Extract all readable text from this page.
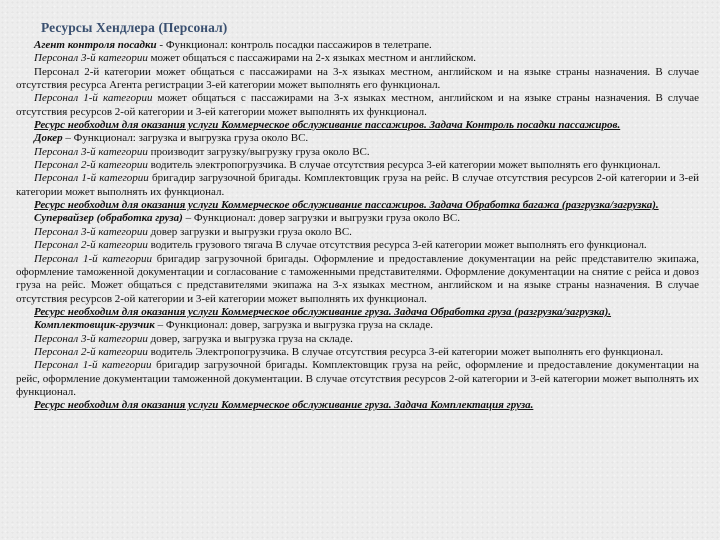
Ресурсы Хендлера (Персонал)

Агент контроля посадки - Функционал: контроль посадки пассажиров в телетрапе.

Персонал 3-й категории может общаться с пассажирами на 2-х языках местном и английском.

Персонал 2-й категории может общаться с пассажирами на 3-х языках местном, английском и на языке страны назначения. В случае отсутствия ресурса Агента регистрации 3-ей категории может выполнять его функционал.

Персонал 1-й категории может общаться с пассажирами на 3-х языках местном, английском и на языке страны назначения. В случае отсутствия ресурсов 2-ой категории и 3-ей категории может выполнять их функционал.

Ресурс необходим для оказания услуги Коммерческое обслуживание пассажиров. Задача Контроль посадки пассажиров.

Докер – Функционал: загрузка и выгрузка груза около ВС.

Персонал 3-й категории производит загрузку/выгрузку груза около ВС.

Персонал 2-й категории водитель электропогрузчика. В случае отсутствия ресурса 3-ей категории может выполнять его функционал.

Персонал 1-й категории бригадир загрузочной бригады. Комплектовщик груза на рейс. В случае отсутствия ресурсов 2-ой категории и 3-ей категории может выполнять их функционал.

Ресурс необходим для оказания услуги Коммерческое обслуживание пассажиров. Задача Обработка багажа (разгрузка/загрузка).

Супервайзер (обработка груза) – Функционал: довер загрузки и выгрузки груза около ВС.

Персонал 3-й категории довер загрузки и выгрузки груза около ВС.

Персонал 2-й категории водитель грузового тягача В случае отсутствия ресурса 3-ей категории может выполнять его функционал.

Персонал 1-й категории бригадир загрузочной бригады. Оформление и предоставление документации на рейс представителю экипажа, оформление таможенной документации и согласование с таможенными представителями. Оформление документации на снятие с рейса и довоз груза на рейс. Может общаться с представителями экипажа на 3-х языках местном, английском и на языке страны назначения. В случае отсутствия ресурсов 2-ой категории и 3-ей категории может выполнять их функционал.

Ресурс необходим для оказания услуги Коммерческое обслуживание груза. Задача Обработка груза (разгрузка/загрузка).

Комплектовщик-грузчик – Функционал: довер, загрузка и выгрузка груза на складе.

Персонал 3-й категории довер, загрузка и выгрузка груза на складе.

Персонал 2-й категории водитель Электропогрузчика. В случае отсутствия ресурса 3-ей категории может выполнять его функционал.

Персонал 1-й категории бригадир загрузочной бригады. Комплектовщик груза на рейс, оформление и предоставление документации на рейс, оформление документации таможенной документации. В случае отсутствия ресурсов 2-ой категории и 3-ей категории может выполнять их функционал.

Ресурс необходим для оказания услуги Коммерческое обслуживание груза. Задача Комплектация груза.
